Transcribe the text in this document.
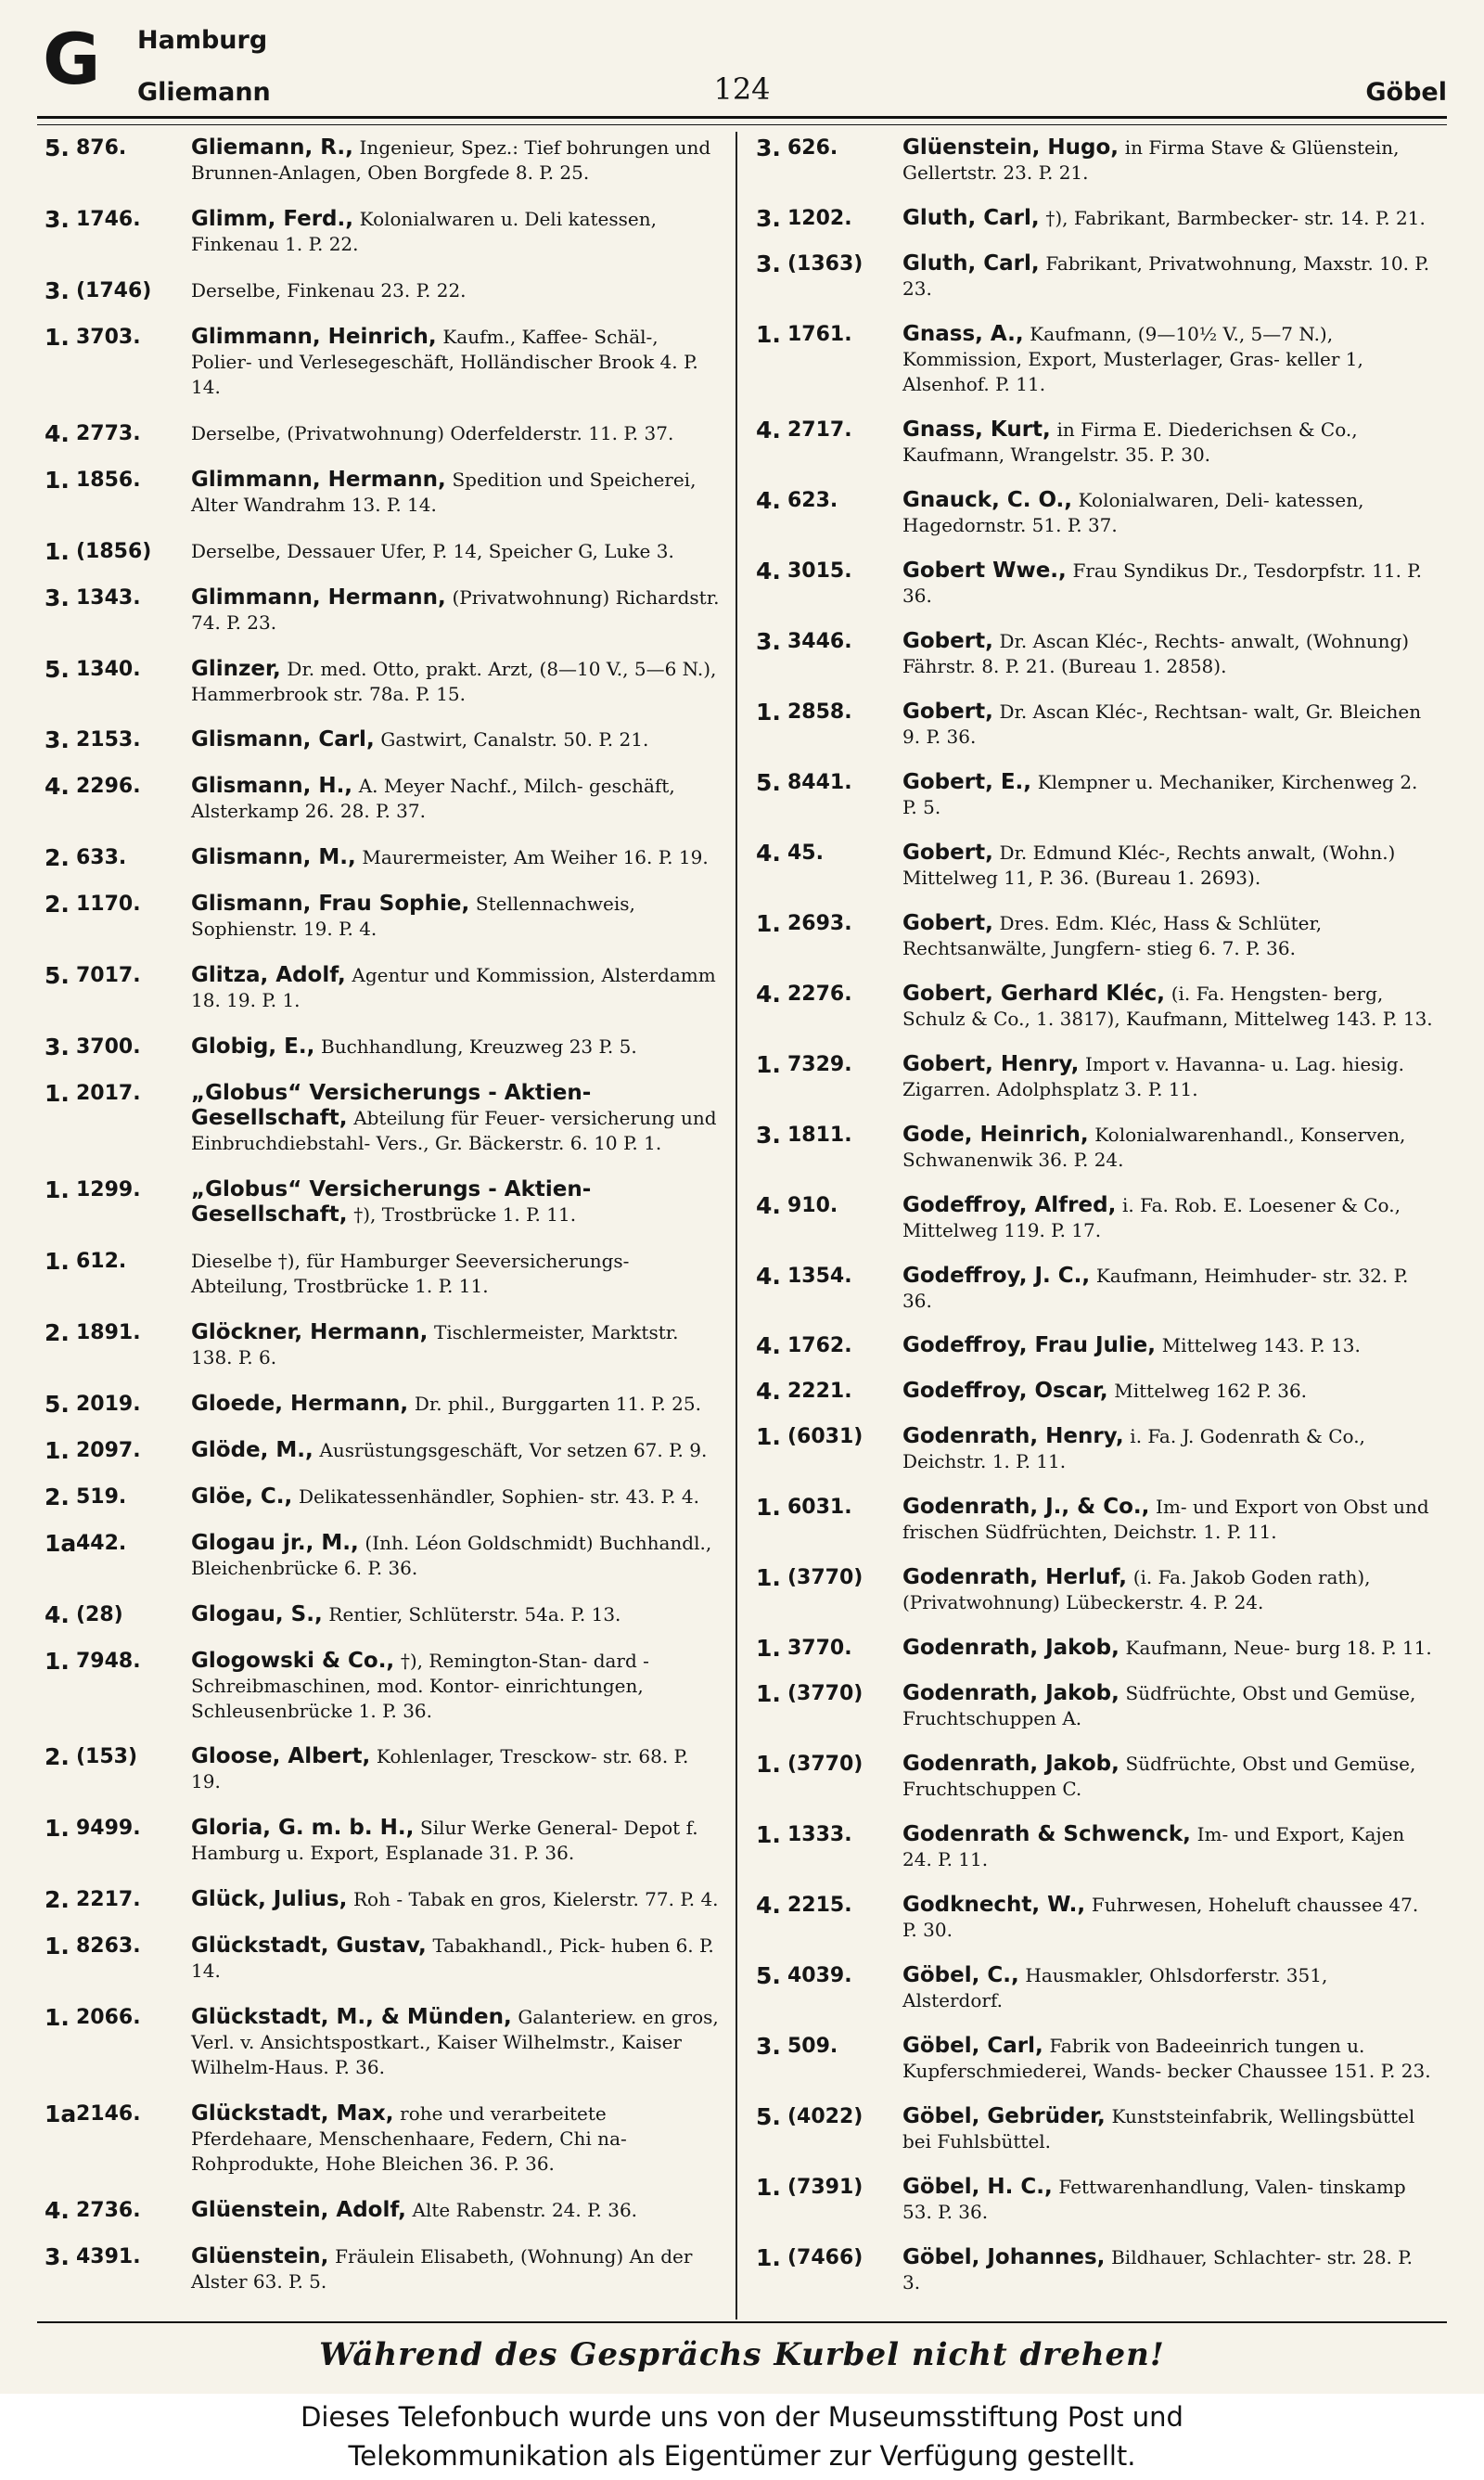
G Hamburg
Gliemann	124	Göbel
5. 876.	Gliemann, R., Ingenieur, Spez.: Tief bohrungen und Brunnen-Anlagen, Oben Borgfede 8. P. 25.
3. 1746.	Glimm, Ferd., Kolonialwaren u. Deli katessen, Finkenau 1. P. 22.
3. (1746)	Derselbe, Finkenau 23. P. 22.
1. 3703.	Glimmann, Heinrich, Kaufm., Kaffee- Schäl-, Polier- und Verlesegeschäft, Holländischer Brook 4. P. 14.
4. 2773.	Derselbe, (Privatwohnung) Oderfelderstr. 11. P. 37.
1. 1856.	Glimmann, Hermann, Spedition und Speicherei, Alter Wandrahm 13. P. 14.
1. (1856)	Derselbe, Dessauer Ufer, P. 14, Speicher G, Luke 3.
3. 1343.	Glimmann, Hermann, (Privatwohnung) Richardstr. 74. P. 23.
5. 1340.	Glinzer, Dr. med. Otto, prakt. Arzt, (8—10 V., 5—6 N.), Hammerbrook str. 78a. P. 15.
3. 2153.	Glismann, Carl, Gastwirt, Canalstr. 50. P. 21.
4. 2296.	Glismann, H., A. Meyer Nachf., Milch- geschäft, Alsterkamp 26. 28. P. 37.
2. 633.	Glismann, M., Maurermeister, Am Weiher 16. P. 19.
2. 1170.	Glismann, Frau Sophie, Stellennachweis, Sophienstr. 19. P. 4.
5. 7017.	Glitza, Adolf, Agentur und Kommission, Alsterdamm 18. 19. P. 1.
3. 3700.	Globig, E., Buchhandlung, Kreuzweg 23 P. 5.
1. 2017.	„Globus“ Versicherungs - Aktien- Gesellschaft, Abteilung für Feuer- versicherung und Einbruchdiebstahl- Vers., Gr. Bäckerstr. 6. 10 P. 1.
1. 1299.	„Globus“ Versicherungs - Aktien- Gesellschaft, †), Trostbrücke 1. P. 11.
1. 612.	Dieselbe †), für Hamburger Seeversicherungs- Abteilung, Trostbrücke 1. P. 11.
2. 1891.	Glöckner, Hermann, Tischlermeister, Marktstr. 138. P. 6.
5. 2019.	Gloede, Hermann, Dr. phil., Burggarten 11. P. 25.
1. 2097.	Glöde, M., Ausrüstungsgeschäft, Vor setzen 67. P. 9.
2. 519.	Glöe, C., Delikatessenhändler, Sophien- str. 43. P. 4.
1a 442.	Glogau jr., M., (Inh. Léon Goldschmidt) Buchhandl., Bleichenbrücke 6. P. 36.
4. (28)	Glogau, S., Rentier, Schlüterstr. 54a. P. 13.
1. 7948.	Glogowski & Co., †), Remington-Stan- dard - Schreibmaschinen, mod. Kontor- einrichtungen, Schleusenbrücke 1. P. 36.
2. (153)	Gloose, Albert, Kohlenlager, Tresckow- str. 68. P. 19.
1. 9499.	Gloria, G. m. b. H., Silur Werke General- Depot f. Hamburg u. Export, Esplanade 31. P. 36.
2. 2217.	Glück, Julius, Roh - Tabak en gros, Kielerstr. 77. P. 4.
1. 8263.	Glückstadt, Gustav, Tabakhandl., Pick- huben 6. P. 14.
1. 2066.	Glückstadt, M., & Münden, Galanteriew. en gros, Verl. v. Ansichtspostkart., Kaiser Wilhelmstr., Kaiser Wilhelm-Haus. P. 36.
1a 2146.	Glückstadt, Max, rohe und verarbeitete Pferdehaare, Menschenhaare, Federn, Chi na-Rohprodukte, Hohe Bleichen 36. P. 36.
4. 2736.	Glüenstein, Adolf, Alte Rabenstr. 24. P. 36.
3. 4391.	Glüenstein, Fräulein Elisabeth, (Wohnung) An der Alster 63. P. 5.
3. 626.	Glüenstein, Hugo, in Firma Stave & Glüenstein, Gellertstr. 23. P. 21.
3. 1202.	Gluth, Carl, †), Fabrikant, Barmbecker- str. 14. P. 21.
3. (1363)	Gluth, Carl, Fabrikant, Privatwohnung, Maxstr. 10. P. 23.
1. 1761.	Gnass, A., Kaufmann, (9—10½ V., 5—7 N.), Kommission, Export, Musterlager, Gras- keller 1, Alsenhof. P. 11.
4. 2717.	Gnass, Kurt, in Firma E. Diederichsen & Co., Kaufmann, Wrangelstr. 35. P. 30.
4. 623.	Gnauck, C. O., Kolonialwaren, Deli- katessen, Hagedornstr. 51. P. 37.
4. 3015.	Gobert Wwe., Frau Syndikus Dr., Tesdorpfstr. 11. P. 36.
3. 3446.	Gobert, Dr. Ascan Kléc-, Rechts- anwalt, (Wohnung) Fährstr. 8. P. 21. (Bureau 1. 2858).
1. 2858.	Gobert, Dr. Ascan Kléc-, Rechtsan- walt, Gr. Bleichen 9. P. 36.
5. 8441.	Gobert, E., Klempner u. Mechaniker, Kirchenweg 2. P. 5.
4. 45.	Gobert, Dr. Edmund Kléc-, Rechts anwalt, (Wohn.) Mittelweg 11, P. 36. (Bureau 1. 2693).
1. 2693.	Gobert, Dres. Edm. Kléc, Hass & Schlüter, Rechtsanwälte, Jungfern- stieg 6. 7. P. 36.
4. 2276.	Gobert, Gerhard Kléc, (i. Fa. Hengsten- berg, Schulz & Co., 1. 3817), Kaufmann, Mittelweg 143. P. 13.
1. 7329.	Gobert, Henry, Import v. Havanna- u. Lag. hiesig. Zigarren. Adolphsplatz 3. P. 11.
3. 1811.	Gode, Heinrich, Kolonialwarenhandl., Konserven, Schwanenwik 36. P. 24.
4. 910.	Godeffroy, Alfred, i. Fa. Rob. E. Loesener & Co., Mittelweg 119. P. 17.
4. 1354.	Godeffroy, J. C., Kaufmann, Heimhuder- str. 32. P. 36.
4. 1762.	Godeffroy, Frau Julie, Mittelweg 143. P. 13.
4. 2221.	Godeffroy, Oscar, Mittelweg 162 P. 36.
1. (6031)	Godenrath, Henry, i. Fa. J. Godenrath & Co., Deichstr. 1. P. 11.
1. 6031.	Godenrath, J., & Co., Im- und Export von Obst und frischen Südfrüchten, Deichstr. 1. P. 11.
1. (3770)	Godenrath, Herluf, (i. Fa. Jakob Goden rath), (Privatwohnung) Lübeckerstr. 4. P. 24.
1. 3770.	Godenrath, Jakob, Kaufmann, Neue- burg 18. P. 11.
1. (3770)	Godenrath, Jakob, Südfrüchte, Obst und Gemüse, Fruchtschuppen A.
1. (3770)	Godenrath, Jakob, Südfrüchte, Obst und Gemüse, Fruchtschuppen C.
1. 1333.	Godenrath & Schwenck, Im- und Export, Kajen 24. P. 11.
4. 2215.	Godknecht, W., Fuhrwesen, Hoheluft chaussee 47. P. 30.
5. 4039.	Göbel, C., Hausmakler, Ohlsdorferstr. 351, Alsterdorf.
3. 509.	Göbel, Carl, Fabrik von Badeeinrich tungen u. Kupferschmiederei, Wands- becker Chaussee 151. P. 23.
5. (4022)	Göbel, Gebrüder, Kunststeinfabrik, Wellingsbüttel bei Fuhlsbüttel.
1. (7391)	Göbel, H. C., Fettwarenhandlung, Valen- tinskamp 53. P. 36.
1. (7466)	Göbel, Johannes, Bildhauer, Schlachter- str. 28. P. 3.
Während des Gesprächs Kurbel nicht drehen!
Dieses Telefonbuch wurde uns von der Museumsstiftung Post und
Telekommunikation als Eigentümer zur Verfügung gestellt.
